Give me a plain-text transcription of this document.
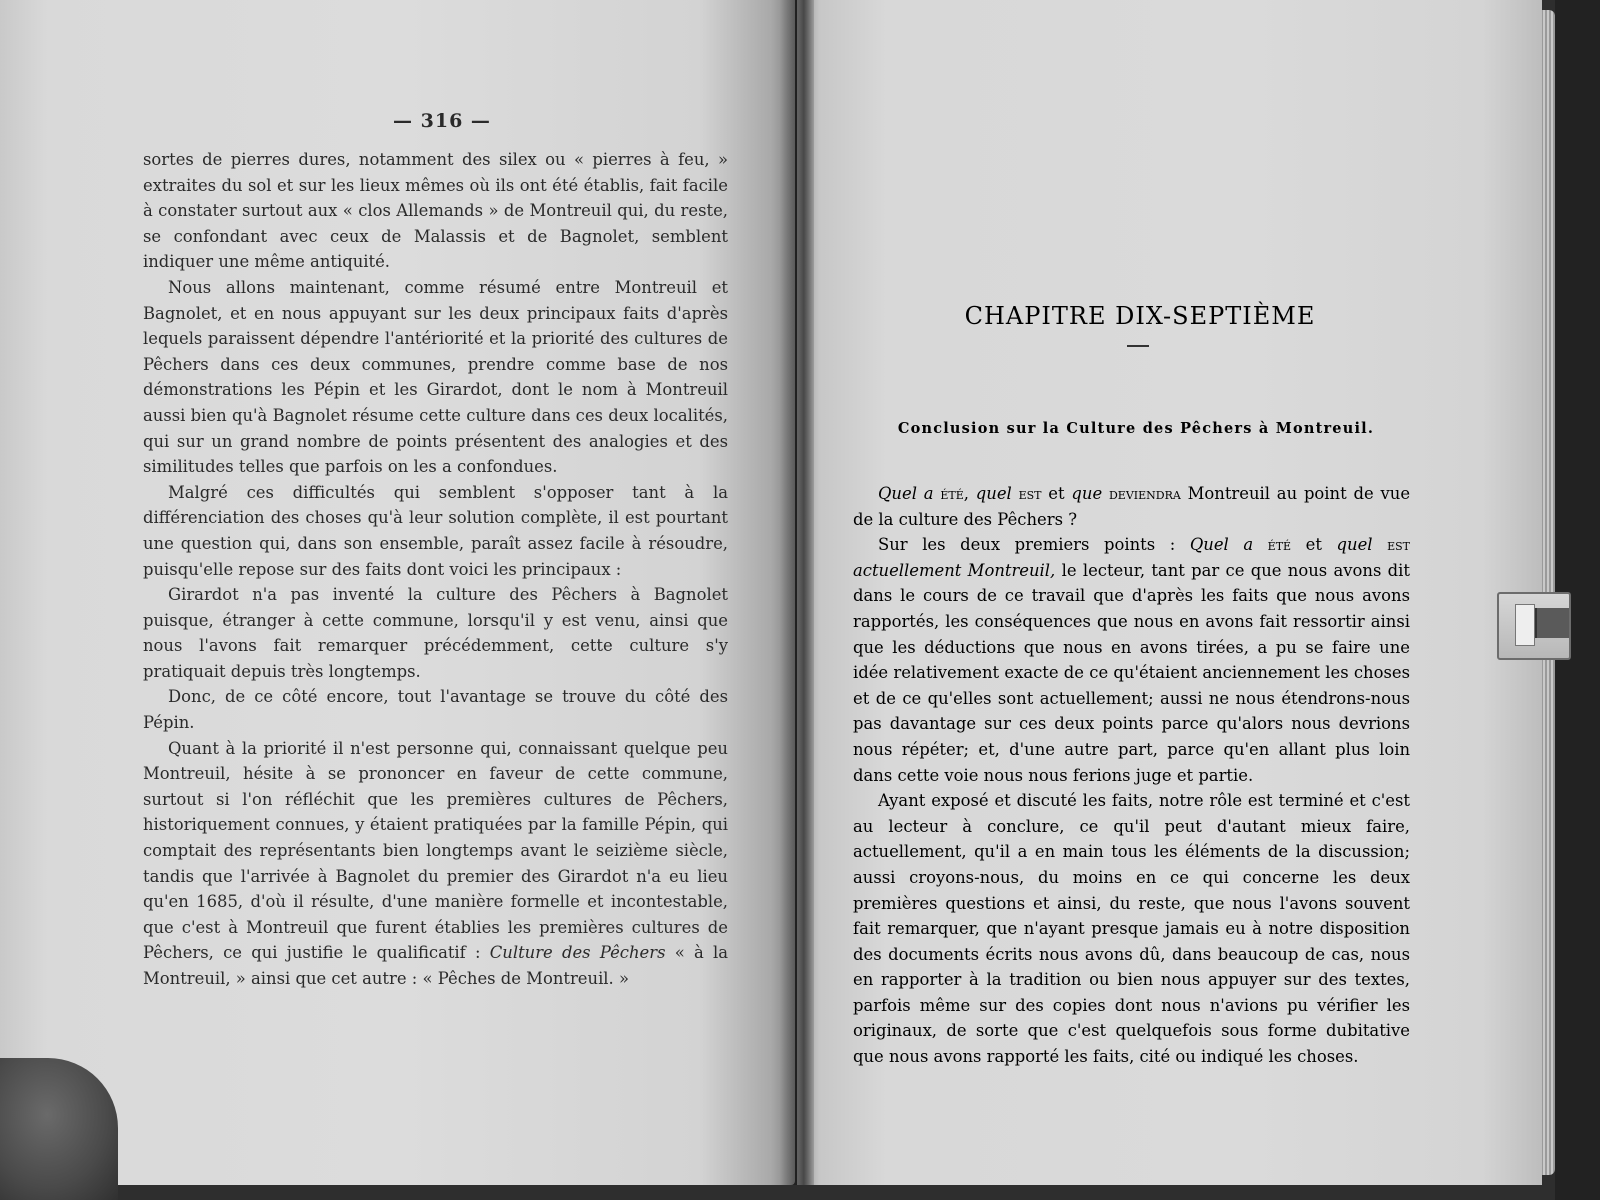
— 316 —

sortes de pierres dures, notamment des silex ou « pierres à feu, » extraites du sol et sur les lieux mêmes où ils ont été établis, fait facile à constater surtout aux « clos Allemands » de Montreuil qui, du reste, se confondant avec ceux de Malassis et de Bagnolet, semblent indiquer une même antiquité.

Nous allons maintenant, comme résumé entre Montreuil et Bagnolet, et en nous appuyant sur les deux principaux faits d'après lequels paraissent dépendre l'antériorité et la priorité des cultures de Pêchers dans ces deux communes, prendre comme base de nos démonstrations les Pépin et les Girardot, dont le nom à Montreuil aussi bien qu'à Bagnolet résume cette culture dans ces deux localités, qui sur un grand nombre de points présentent des analogies et des similitudes telles que parfois on les a confondues.

Malgré ces difficultés qui semblent s'opposer tant à la différenciation des choses qu'à leur solution complète, il est pourtant une question qui, dans son ensemble, paraît assez facile à résoudre, puisqu'elle repose sur des faits dont voici les principaux :

Girardot n'a pas inventé la culture des Pêchers à Bagnolet puisque, étranger à cette commune, lorsqu'il y est venu, ainsi que nous l'avons fait remarquer précédemment, cette culture s'y pratiquait depuis très longtemps.

Donc, de ce côté encore, tout l'avantage se trouve du côté des Pépin.

Quant à la priorité il n'est personne qui, connaissant quelque peu Montreuil, hésite à se prononcer en faveur de cette commune, surtout si l'on réfléchit que les premières cultures de Pêchers, historiquement connues, y étaient pratiquées par la famille Pépin, qui comptait des représentants bien longtemps avant le seizième siècle, tandis que l'arrivée à Bagnolet du premier des Girardot n'a eu lieu qu'en 1685, d'où il résulte, d'une manière formelle et incontestable, que c'est à Montreuil que furent établies les premières cultures de Pêchers, ce qui justifie le qualificatif : Culture des Pêchers « à la Montreuil, » ainsi que cet autre : « Pêches de Montreuil. »

CHAPITRE DIX-SEPTIÈME
Conclusion sur la Culture des Pêchers à Montreuil.

Quel a été, quel est et que deviendra Montreuil au point de vue de la culture des Pêchers ?

Sur les deux premiers points : Quel a été et quel est actuellement Montreuil, le lecteur, tant par ce que nous avons dit dans le cours de ce travail que d'après les faits que nous avons rapportés, les conséquences que nous en avons fait ressortir ainsi que les déductions que nous en avons tirées, a pu se faire une idée relativement exacte de ce qu'étaient anciennement les choses et de ce qu'elles sont actuellement; aussi ne nous étendrons-nous pas davantage sur ces deux points parce qu'alors nous devrions nous répéter; et, d'une autre part, parce qu'en allant plus loin dans cette voie nous nous ferions juge et partie.

Ayant exposé et discuté les faits, notre rôle est terminé et c'est au lecteur à conclure, ce qu'il peut d'autant mieux faire, actuellement, qu'il a en main tous les éléments de la discussion; aussi croyons-nous, du moins en ce qui concerne les deux premières questions et ainsi, du reste, que nous l'avons souvent fait remarquer, que n'ayant presque jamais eu à notre disposition des documents écrits nous avons dû, dans beaucoup de cas, nous en rapporter à la tradition ou bien nous appuyer sur des textes, parfois même sur des copies dont nous n'avions pu vérifier les originaux, de sorte que c'est quelquefois sous forme dubitative que nous avons rapporté les faits, cité ou indiqué les choses.
